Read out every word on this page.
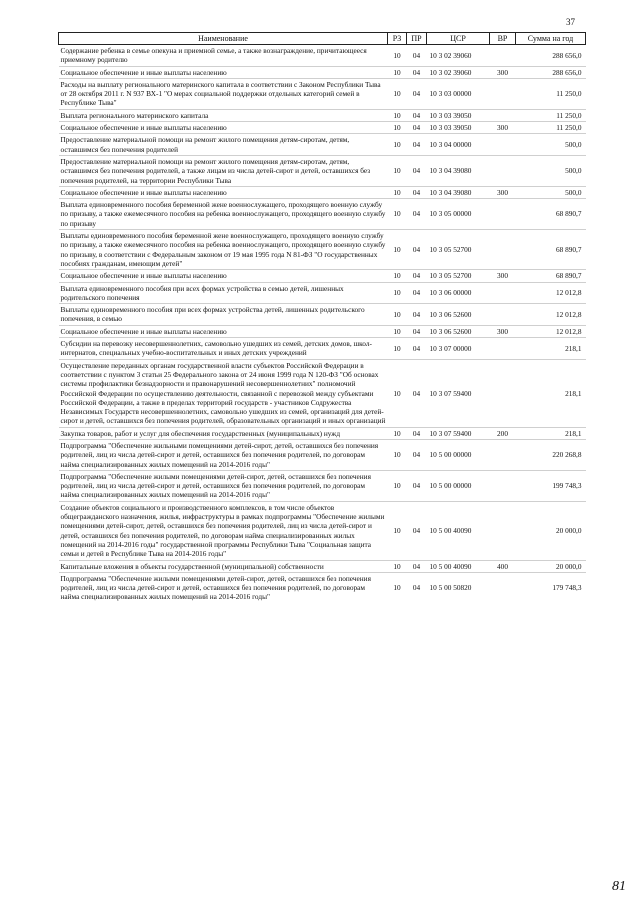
37
Наименование	РЗ	ПР	ЦСР	ВР	Сумма на год
Содержание ребенка в семье опекуна и приемной семье, а также вознаграждение, причитающееся приемному родителю	10	04	10 3 02 39060		288 656,0
Социальное обеспечение и иные выплаты населению	10	04	10 3 02 39060	300	288 656,0
Расходы на выплату регионального материнского капитала в соответствии с Законом Республики Тыва от 28 октября 2011 г. N 937 ВХ-1 "О мерах социальной поддержки отдельных категорий семей в Республике Тыва"	10	04	10 3 03 00000		11 250,0
Выплата регионального материнского капитала	10	04	10 3 03 39050		11 250,0
Социальное обеспечение и иные выплаты населению	10	04	10 3 03 39050	300	11 250,0
Предоставление материальной помощи на ремонт жилого помещения детям-сиротам, детям, оставшимся без попечения родителей	10	04	10 3 04 00000		500,0
Предоставление материальной помощи на ремонт жилого помещения детям-сиротам, детям, оставшимся без попечения родителей, а также лицам из числа детей-сирот и детей, оставшихся без попечения родителей, на территории Республики Тыва	10	04	10 3 04 39080		500,0
Социальное обеспечение и иные выплаты населению	10	04	10 3 04 39080	300	500,0
Выплата единовременного пособия беременной жене военнослужащего, проходящего военную службу по призыву, а также ежемесячного пособия на ребенка военнослужащего, проходящего военную службу по призыву	10	04	10 3 05 00000		68 890,7
Выплаты единовременного пособия беременной жене военнослужащего, проходящего военную службу по призыву, а также ежемесячного пособия на ребенка военнослужащего, проходящего военную службу по призыву, в соответствии с Федеральным законом от 19 мая 1995 года N 81-ФЗ "О государственных пособиях гражданам, имеющим детей"	10	04	10 3 05 52700		68 890,7
Социальное обеспечение и иные выплаты населению	10	04	10 3 05 52700	300	68 890,7
Выплата единовременного пособия при всех формах устройства в семью детей, лишенных родительского попечения	10	04	10 3 06 00000		12 012,8
Выплаты единовременного пособия при всех формах устройства детей, лишенных родительского попечения, в семью	10	04	10 3 06 52600		12 012,8
Социальное обеспечение и иные выплаты населению	10	04	10 3 06 52600	300	12 012,8
Субсидии на перевозку несовершеннолетних, самовольно ушедших из семей, детских домов, школ-интернатов, специальных учебно-воспитательных и иных детских учреждений	10	04	10 3 07 00000		218,1
Осуществление переданных органам государственной власти субъектов Российской Федерации в соответствии с пунктом 3 статьи 25 Федерального закона от 24 июня 1999 года N 120-ФЗ "Об основах системы профилактики безнадзорности и правонарушений несовершеннолетних" полномочий Российской Федерации по осуществлению деятельности, связанной с перевозкой между субъектами Российской Федерации, а также в пределах территорий государств - участников Содружества Независимых Государств несовершеннолетних, самовольно ушедших из семей, организаций для детей-сирот и детей, оставшихся без попечения родителей, образовательных организаций и иных организаций	10	04	10 3 07 59400		218,1
Закупка товаров, работ и услуг для обеспечения государственных (муниципальных) нужд	10	04	10 3 07 59400	200	218,1
Подпрограмма "Обеспечение жильными помещениями детей-сирот, детей, оставшихся без попечения родителей, лиц из числа детей-сирот и детей, оставшихся без попечения родителей, по договорам найма специализированных жилых помещений на 2014-2016 годы"	10	04	10 5 00 00000		220 268,8
Подпрограмма "Обеспечение жилыми помещениями детей-сирот, детей, оставшихся без попечения родителей, лиц из числа детей-сирот и детей, оставшихся без попечения родителей, по договорам найма специализированных жилых помещений на 2014-2016 годы"	10	04	10 5 00 00000		199 748,3
Создание объектов социального и производственного комплексов, в том числе объектов общегражданского назначения, жилья, инфраструктуры в рамках подпрограммы "Обеспечение жилыми помещениями детей-сирот, детей, оставшихся без попечения родителей, лиц из числа детей-сирот и детей, оставшихся без попечения родителей, по договорам найма специализированных жилых помещений на 2014-2016 годы" государственной программы Республики Тыва "Социальная защита семьи и детей в Республике Тыва на 2014-2016 годы"	10	04	10 5 00 40090		20 000,0
Капитальные вложения в объекты государственной (муниципальной) собственности	10	04	10 5 00 40090	400	20 000,0
Подпрограмма "Обеспечение жилыми помещениями детей-сирот, детей, оставшихся без попечения родителей, лиц из числа детей-сирот и детей, оставшихся без попечения родителей, по договорам найма специализированных жилых помещений на 2014-2016 годы"	10	04	10 5 00 50820		179 748,3
81
